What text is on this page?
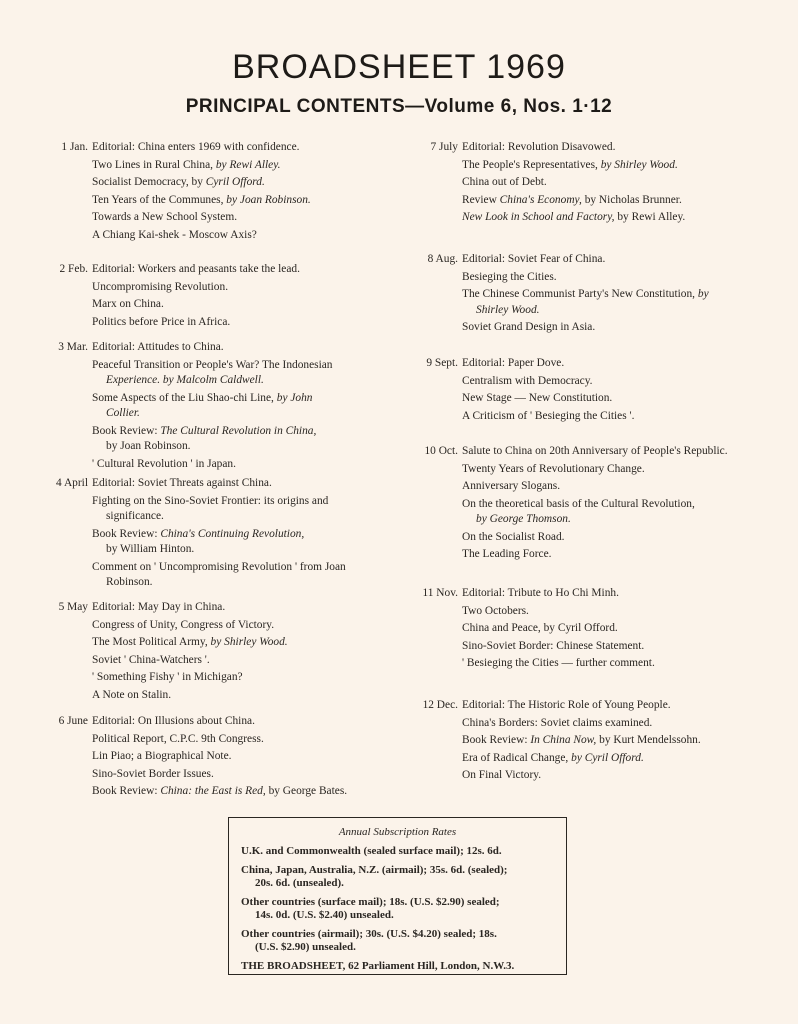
BROADSHEET 1969
PRINCIPAL CONTENTS—Volume 6, Nos. 1·12
1 Jan. Editorial: China enters 1969 with confidence.
Two Lines in Rural China, by Rewi Alley.
Socialist Democracy, by Cyril Offord.
Ten Years of the Communes, by Joan Robinson.
Towards a New School System.
A Chiang Kai-shek - Moscow Axis?
2 Feb. Editorial: Workers and peasants take the lead.
Uncompromising Revolution.
Marx on China.
Politics before Price in Africa.
3 Mar. Editorial: Attitudes to China.
Peaceful Transition or People's War? The Indonesian
Experience. by Malcolm Caldwell.
Some Aspects of the Liu Shao-chi Line, by John
Collier.
Book Review: The Cultural Revolution in China,
by Joan Robinson.
' Cultural Revolution ' in Japan.
4 April Editorial: Soviet Threats against China.
Fighting on the Sino-Soviet Frontier: its origins and
significance.
Book Review: China's Continuing Revolution,
by William Hinton.
Comment on ' Uncompromising Revolution ' from Joan
Robinson.
5 May Editorial: May Day in China.
Congress of Unity, Congress of Victory.
The Most Political Army, by Shirley Wood.
Soviet ' China-Watchers '.
' Something Fishy ' in Michigan?
A Note on Stalin.
6 June Editorial: On Illusions about China.
Political Report, C.P.C. 9th Congress.
Lin Piao; a Biographical Note.
Sino-Soviet Border Issues.
Book Review: China: the East is Red, by George Bates.
7 July Editorial: Revolution Disavowed.
The People's Representatives, by Shirley Wood.
China out of Debt.
Review China's Economy, by Nicholas Brunner.
New Look in School and Factory, by Rewi Alley.
8 Aug. Editorial: Soviet Fear of China.
Besieging the Cities.
The Chinese Communist Party's New Constitution, by
Shirley Wood.
Soviet Grand Design in Asia.
9 Sept. Editorial: Paper Dove.
Centralism with Democracy.
New Stage — New Constitution.
A Criticism of ' Besieging the Cities '.
10 Oct. Salute to China on 20th Anniversary of People's Republic.
Twenty Years of Revolutionary Change.
Anniversary Slogans.
On the theoretical basis of the Cultural Revolution,
by George Thomson.
On the Socialist Road.
The Leading Force.
11 Nov. Editorial: Tribute to Ho Chi Minh.
Two Octobers.
China and Peace, by Cyril Offord.
Sino-Soviet Border: Chinese Statement.
' Besieging the Cities — further comment.
12 Dec. Editorial: The Historic Role of Young People.
China's Borders: Soviet claims examined.
Book Review: In China Now, by Kurt Mendelssohn.
Era of Radical Change, by Cyril Offord.
On Final Victory.
Annual Subscription Rates
U.K. and Commonwealth (sealed surface mail); 12s. 6d.
China, Japan, Australia, N.Z. (airmail); 35s. 6d. (sealed);
20s. 6d. (unsealed).
Other countries (surface mail); 18s. (U.S. $2.90) sealed;
14s. 0d. (U.S. $2.40) unsealed.
Other countries (airmail); 30s. (U.S. $4.20) sealed; 18s.
(U.S. $2.90) unsealed.
THE BROADSHEET, 62 Parliament Hill, London, N.W.3.
